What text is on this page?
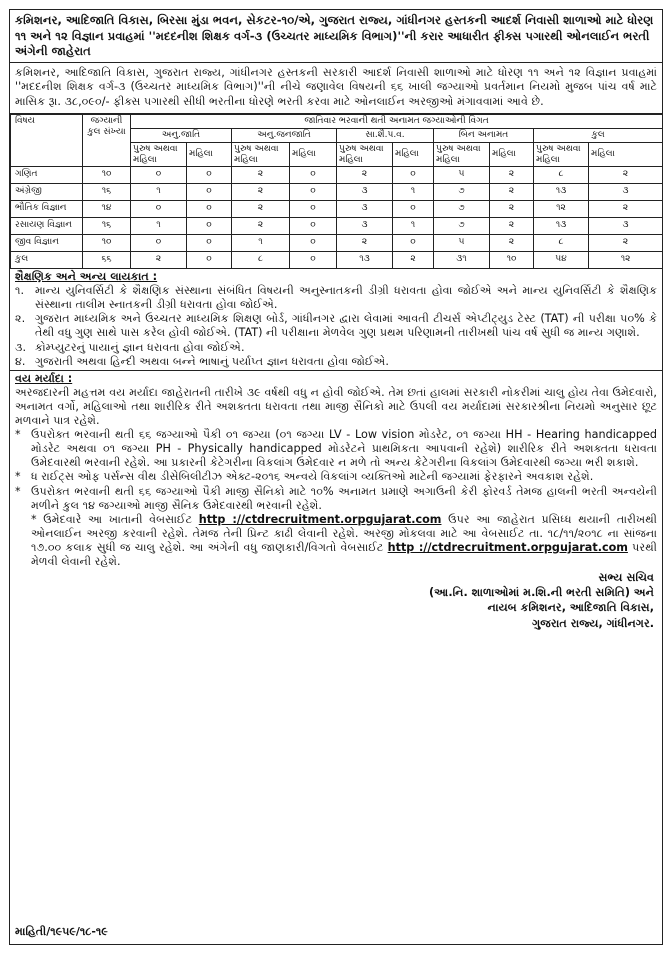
કમિશનર, આદિજાતિ વિકાસ, બિરસા મુંડા ભવન, સેકટર-૧૦/એ, ગુજરાત રાજ્ય, ગાંધીનગર હસ્તકની આદર્શ નિવાસી શાળાઓ માટે ધોરણ ૧૧ અને ૧૨ વિજ્ઞાન પ્રવાહમાં ''મદદનીશ શિક્ષક વર્ગ-૩ (ઉચ્ચતર માધ્યમિક વિભાગ)''ની કરાર આધારીત ફીક્સ પગારથી ઓનલાઈન ભરતી અંગેની જાહેરાત
કમિશનર, આદિજાતિ વિકાસ, ગુજરાત રાજ્ય, ગાંધીનગર હસ્તકની સરકારી આદર્શ નિવાસી શાળાઓ માટે ધોરણ ૧૧ અને ૧૨ વિજ્ઞાન પ્રવાહમાં ''મદદનીશ શિક્ષક વર્ગ-૩ (ઉચ્ચતર માધ્યમિક વિભાગ)''ની નીચે જણાવેલ વિષયની ૬૬ ખાલી જગ્યાઓ પ્રવર્તમાન નિયમો મુજબ પાંચ વર્ષ માટે માસિક રૂા. ૩૮,૦૯૦/- ફીક્સ પગારથી સીધી ભરતીના ધોરણે ભરતી કરવા માટે ઓનલાઈન અરજીઓ મંગાવવામાં આવે છે.
વિષય	જગ્યાની કુલ સંખ્યા	જાતિવાર ભરવાની થતી અનામત જગ્યાઓની વિગત									
		અનુ.જાતિ		અનુ.જનજાતિ		સા.શૈ.પ.વ.		બિન અનામત		કુલ	
		પુરુષ અથવા મહિલા	મહિલા	પુરુષ અથવા મહિલા	મહિલા	પુરુષ અથવા મહિલા	મહિલા	પુરુષ અથવા મહિલા	મહિલા	પુરુષ અથવા મહિલા	મહિલા
ગણિત	૧૦	૦	૦	૨	૦	૨	૦	૫	૨	૮	૨
અંગ્રેજી	૧૬	૧	૦	૨	૦	૩	૧	૭	૨	૧૩	૩
ભૌતિક વિજ્ઞાન	૧૪	૦	૦	૨	૦	૩	૦	૭	૨	૧૨	૨
રસાયણ વિજ્ઞાન	૧૬	૧	૦	૨	૦	૩	૧	૭	૨	૧૩	૩
જીવ વિજ્ઞાન	૧૦	૦	૦	૧	૦	૨	૦	૫	૨	૮	૨
કુલ	૬૬	૨	૦	૮	૦	૧૩	૨	૩૧	૧૦	૫૪	૧૨
શૈક્ષણિક અને અન્ય લાયકાત :
૧. માન્ય યુનિવર્સિટી કે શૈક્ષણિક સંસ્થાના સંબંધિત વિષયની અનુસ્નાતકની ડીગ્રી ધરાવતા હોવા જોઈએ અને માન્ય યુનિવર્સિટી કે શૈક્ષણિક સંસ્થાના તાલીમ સ્નાતકની ડીગ્રી ધરાવતા હોવા જોઈએ.
૨. ગુજરાત માધ્યમિક અને ઉચ્ચતર માધ્યમિક શિક્ષણ બોર્ડ, ગાંધીનગર દ્વારા લેવામાં આવતી ટીચર્સ એપ્ટીટ્યુડ ટેસ્ટ (TAT) ની પરીક્ષા ૫૦% કે તેથી વધુ ગુણ સાથે પાસ કરેલ હોવી જોઈએ. (TAT) ની પરીક્ષાના મેળવેલ ગુણ પ્રથમ પરિણામની તારીખથી પાંચ વર્ષ સુધી જ માન્ય ગણાશે.
૩. કોમ્પ્યુટરનું પાયાનું જ્ઞાન ધરાવતા હોવા જોઈએ.
૪. ગુજરાતી અથવા હિન્દી અથવા બન્ને ભાષાનું પર્યાપ્ત જ્ઞાન ધરાવતા હોવા જોઈએ.
વય મર્યાદા :
અરજદારની મહત્તમ વય મર્યાદા જાહેરાતની તારીખે ૩૯ વર્ષથી વધુ ન હોવી જોઈએ. તેમ છતાં હાલમાં સરકારી નોકરીમાં ચાલુ હોય તેવા ઉમેદવારો, અનામત વર્ગો, મહિલાઓ તથા શારીરિક રીતે અશક્તતા ધરાવતા તથા માજી સૈનિકો માટે ઉપલી વય મર્યાદામાં સરકારશ્રીના નિયમો અનુસાર છૂટ મળવાને પાત્ર રહેશે.
* ઉપરોક્ત ભરવાની થતી ૬૬ જગ્યાઓ પૈકી ૦૧ જગ્યા (૦૧ જગ્યા LV - Low vision મોડરેટ, ૦૧ જગ્યા HH - Hearing handicapped મોડરેટ અથવા ૦૧ જગ્યા PH - Physically handicapped મોડરેટને પ્રાથમિકતા આપવાની રહેશે) શારીરિક રીતે અશક્તતા ધરાવતા ઉમેદવારથી ભરવાની રહેશે. આ પ્રકારની કેટેગરીના વિકલાંગ ઉમેદવાર ન મળે તો અન્ય કેટેગરીના વિકલાંગ ઉમેદવારથી જગ્યા ભરી શકાશે.
* ધ રાઈટ્સ ઓફ પર્સન્સ વીથ ડીસેબિલીટીઝ એક્ટ-૨૦૧૬ અન્વયે વિકલાંગ વ્યક્તિઓ માટેની જગ્યામાં ફેરફારને અવકાશ રહેશે.
* ઉપરોક્ત ભરવાની થતી ૬૬ જગ્યાઓ પૈકી માજી સૈનિકો માટે ૧૦% અનામત પ્રમાણે અગાઉની કેરી ફોરવર્ડ તેમજ હાલની ભરતી અન્વયેની મળીને કુલ ૧૪ જગ્યાઓ માજી સૈનિક ઉમેદવારથી ભરવાની રહેશે.
* ઉમેદવારે આ ખાતાની વેબસાઈટ http ://ctdrecruitment.orpgujarat.com ઉપર આ જાહેરાત પ્રસિધ્ધ થયાની તારીખથી ઓનલાઈન અરજી કરવાની રહેશે. તેમજ તેની પ્રિન્ટ કાઢી લેવાની રહેશે. અરજી મોકલવા માટે આ વેબસાઈટ તા. ૧૮/૧૧/૨૦૧૮ ના સાંજના ૧૭.૦૦ કલાક સુધી જ ચાલુ રહેશે. આ અંગેની વધુ જાણકારી/વિગતો વેબસાઈટ http ://ctdrecruitment.orpgujarat.com પરથી મેળવી લેવાની રહેશે.
સભ્ય સચિવ
(આ.નિ. શાળાઓમાં મ.શિ.ની ભરતી સમિતિ) અને
નાયબ કમિશનર, આદિજાતિ વિકાસ,
ગુજરાત રાજ્ય, ગાંધીનગર.
માહિતી/૧૯૫૯/૧૮-૧૯
